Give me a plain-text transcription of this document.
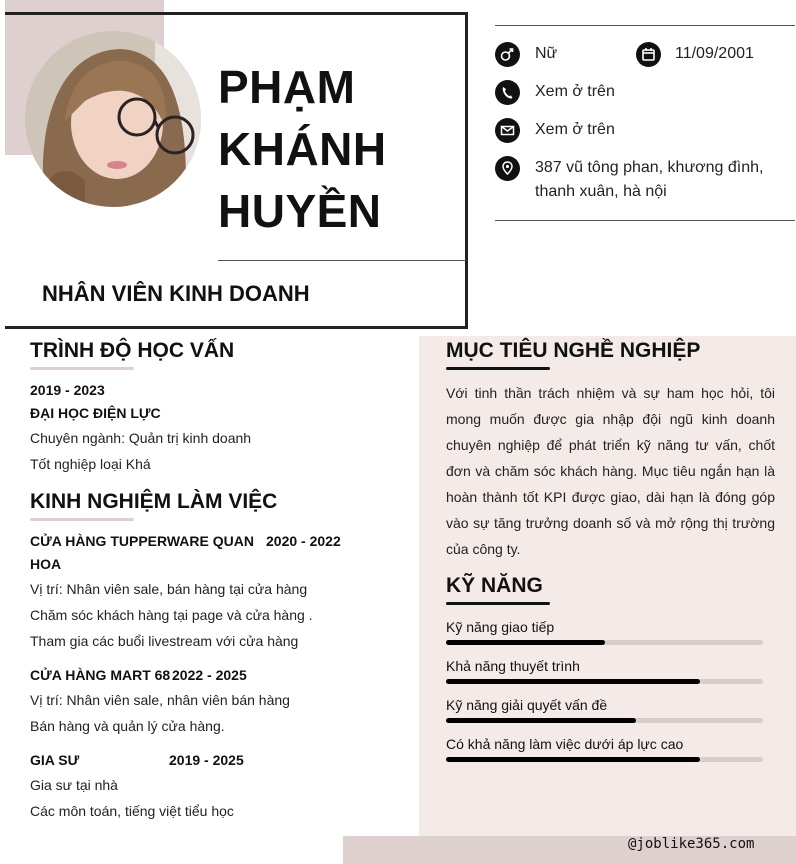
PHẠM
KHÁNH
HUYỀN
NHÂN VIÊN KINH DOANH
Nữ	11/09/2001
Xem ở trên
Xem ở trên
387 vũ tông phan, khương đình,
thanh xuân, hà nội
TRÌNH ĐỘ HỌC VẤN
2019 - 2023
ĐẠI HỌC ĐIỆN LỰC
Chuyên ngành: Quản trị kinh doanh
Tốt nghiệp loại Khá
KINH NGHIỆM LÀM VIỆC
CỬA HÀNG TUPPERWARE QUAN 2020 - 2022
HOA
Vị trí: Nhân viên sale, bán hàng tại cửa hàng
Chăm sóc khách hàng tại page và cửa hàng .
Tham gia các buổi livestream với cửa hàng
CỬA HÀNG MART 68 2022 - 2025
Vị trí: Nhân viên sale, nhân viên bán hàng
Bán hàng và quản lý cửa hàng.
GIA SƯ	2019 - 2025
Gia sư tại nhà
Các môn toán, tiếng việt tiểu học
MỤC TIÊU NGHỀ NGHIỆP
Với tinh thần trách nhiệm và sự ham học hỏi, tôi mong muốn được gia nhập đội ngũ kinh doanh chuyên nghiệp để phát triển kỹ năng tư vấn, chốt đơn và chăm sóc khách hàng. Mục tiêu ngắn hạn là hoàn thành tốt KPI được giao, dài hạn là đóng góp vào sự tăng trưởng doanh số và mở rộng thị trường của công ty.
KỸ NĂNG
Kỹ năng giao tiếp
Khả năng thuyết trình
Kỹ năng giải quyết vấn đề
Có khả năng làm việc dưới áp lực cao
@joblike365.com
